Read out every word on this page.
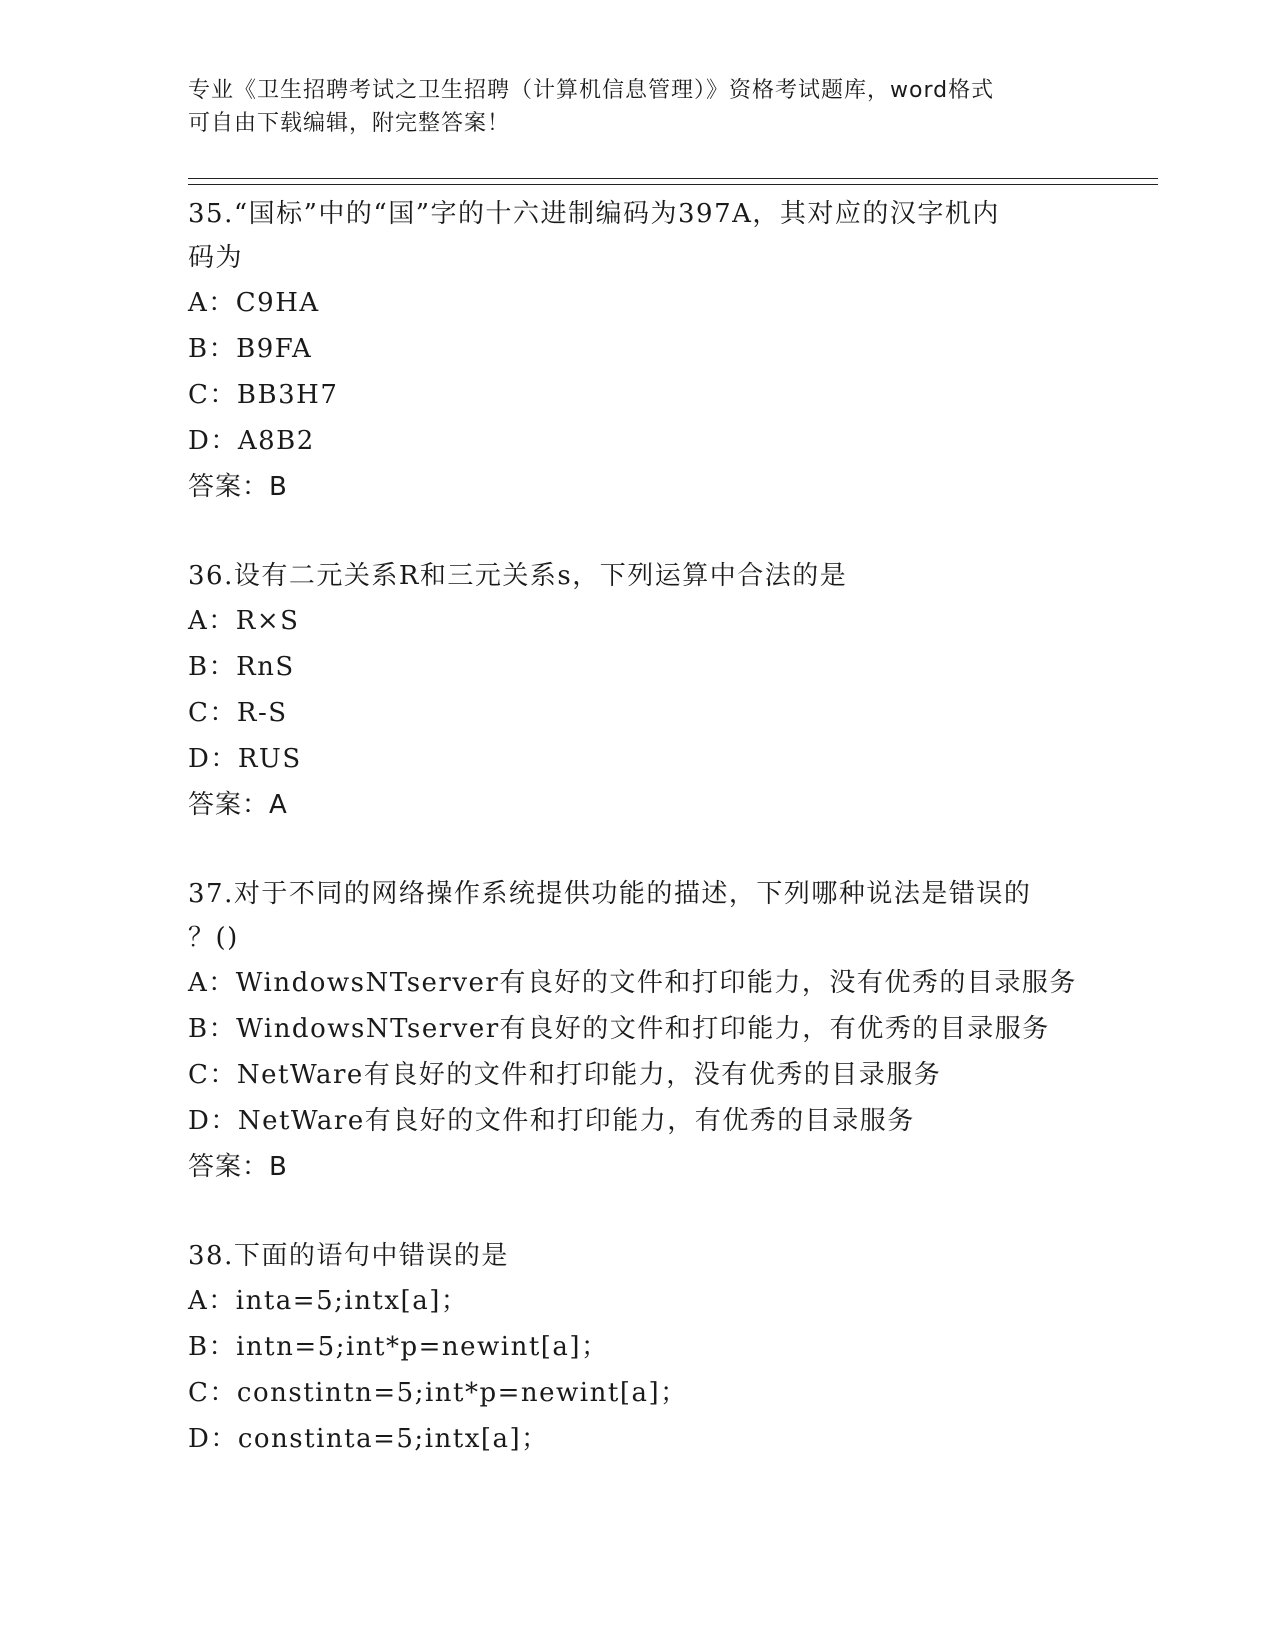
专业《卫生招聘考试之卫生招聘（计算机信息管理）》资格考试题库，word格式
可自由下载编辑，附完整答案！
35.“国标”中的“国”字的十六进制编码为397A，其对应的汉字机内
码为
A：C9HA
B：B9FA
C：BB3H7
D：A8B2
答案：B
36.设有二元关系R和三元关系s，下列运算中合法的是
A：R×S
B：RnS
C：R-S
D：RUS
答案：A
37.对于不同的网络操作系统提供功能的描述，下列哪种说法是错误的
？()
A：WindowsNTserver有良好的文件和打印能力，没有优秀的目录服务
B：WindowsNTserver有良好的文件和打印能力，有优秀的目录服务
C：NetWare有良好的文件和打印能力，没有优秀的目录服务
D：NetWare有良好的文件和打印能力，有优秀的目录服务
答案：B
38.下面的语句中错误的是
A：inta=5;intx[a]；
B：intn=5;int*p=newint[a]；
C：constintn=5;int*p=newint[a]；
D：constinta=5;intx[a]；
